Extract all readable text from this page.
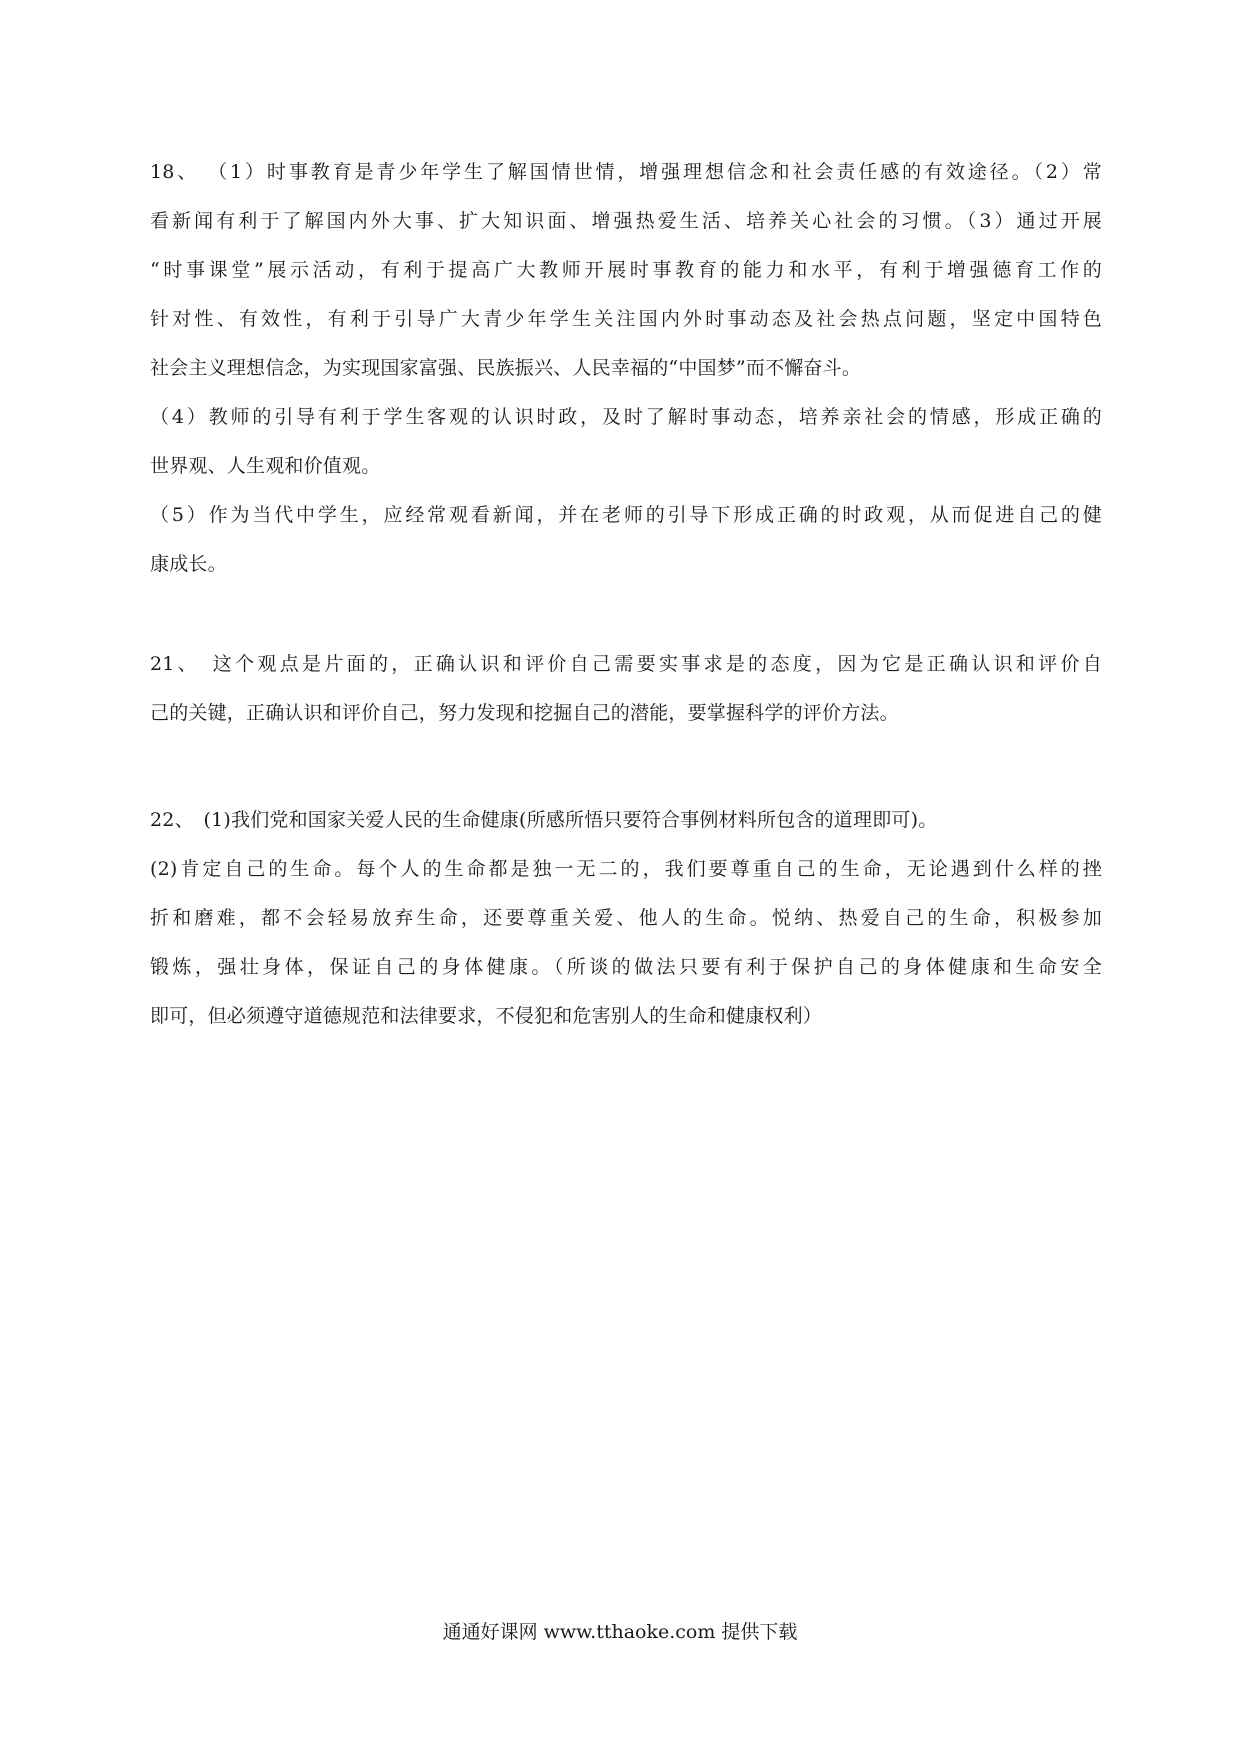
18、 （1）时事教育是青少年学生了解国情世情，增强理想信念和社会责任感的有效途径。（2）常
看新闻有利于了解国内外大事、扩大知识面、增强热爱生活、培养关心社会的习惯。（3）通过开展
“时事课堂”展示活动，有利于提高广大教师开展时事教育的能力和水平，有利于增强德育工作的
针对性、有效性，有利于引导广大青少年学生关注国内外时事动态及社会热点问题，坚定中国特色
社会主义理想信念，为实现国家富强、民族振兴、人民幸福的“中国梦”而不懈奋斗。
（4）教师的引导有利于学生客观的认识时政，及时了解时事动态，培养亲社会的情感，形成正确的
世界观、人生观和价值观。
（5）作为当代中学生，应经常观看新闻，并在老师的引导下形成正确的时政观，从而促进自己的健
康成长。
21、　这个观点是片面的，正确认识和评价自己需要实事求是的态度，因为它是正确认识和评价自
己的关键，正确认识和评价自己，努力发现和挖掘自己的潜能，要掌握科学的评价方法。
22、　(1)我们党和国家关爱人民的生命健康(所感所悟只要符合事例材料所包含的道理即可)。
(2)肯定自己的生命。每个人的生命都是独一无二的，我们要尊重自己的生命，无论遇到什么样的挫
折和磨难，都不会轻易放弃生命，还要尊重关爱、他人的生命。悦纳、热爱自己的生命，积极参加
锻炼，强壮身体，保证自己的身体健康。（所谈的做法只要有利于保护自己的身体健康和生命安全
即可，但必须遵守道德规范和法律要求，不侵犯和危害别人的生命和健康权利）
通通好课网 www.tthaoke.com 提供下载
